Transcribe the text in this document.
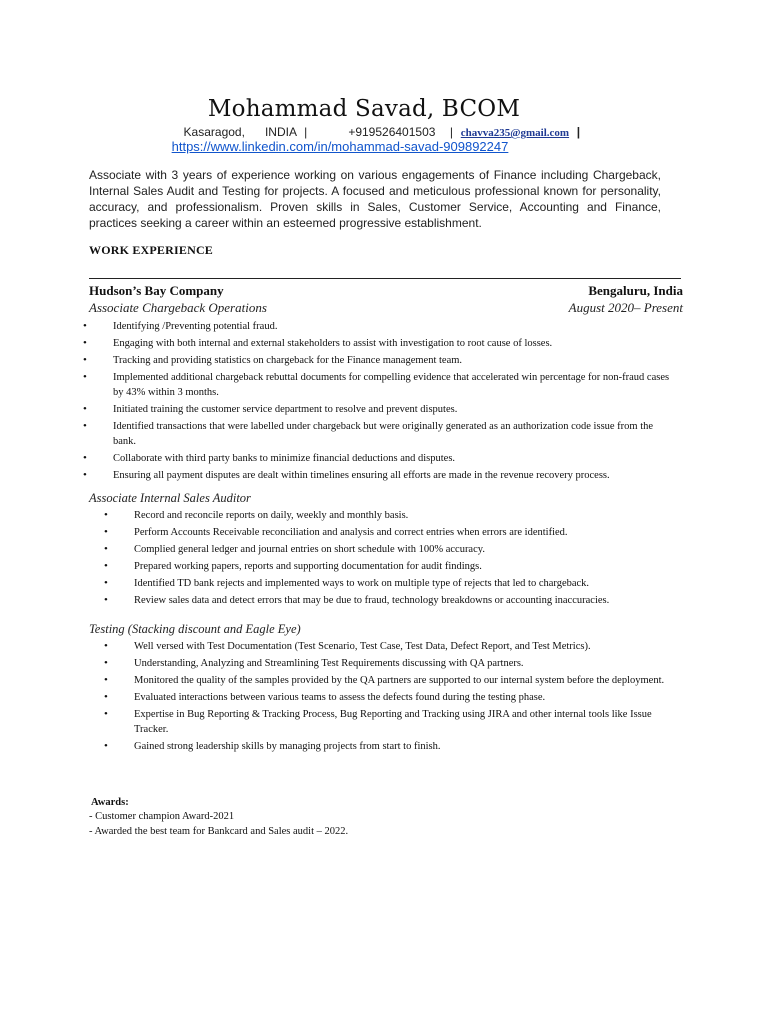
Mohammad Savad, BCOM
Kasaragod, INDIA |	+919526401503 | chavva235@gmail.com |
https://www.linkedin.com/in/mohammad-savad-909892247
Associate with 3 years of experience working on various engagements of Finance including Chargeback, Internal Sales Audit and Testing for projects. A focused and meticulous professional known for personality, accuracy, and professionalism. Proven skills in Sales, Customer Service, Accounting and Finance, practices seeking a career within an esteemed progressive establishment.
WORK EXPERIENCE
Hudson’s Bay Company	Bengaluru, India
Associate Chargeback Operations	August 2020– Present
• Identifying /Preventing potential fraud.
• Engaging with both internal and external stakeholders to assist with investigation to root cause of losses.
• Tracking and providing statistics on chargeback for the Finance management team.
• Implemented additional chargeback rebuttal documents for compelling evidence that accelerated win percentage for non-fraud cases by 43% within 3 months.
• Initiated training the customer service department to resolve and prevent disputes.
• Identified transactions that were labelled under chargeback but were originally generated as an authorization code issue from the bank.
• Collaborate with third party banks to minimize financial deductions and disputes.
• Ensuring all payment disputes are dealt within timelines ensuring all efforts are made in the revenue recovery process.
Associate Internal Sales Auditor
• Record and reconcile reports on daily, weekly and monthly basis.
• Perform Accounts Receivable reconciliation and analysis and correct entries when errors are identified.
• Complied general ledger and journal entries on short schedule with 100% accuracy.
• Prepared working papers, reports and supporting documentation for audit findings.
• Identified TD bank rejects and implemented ways to work on multiple type of rejects that led to chargeback.
• Review sales data and detect errors that may be due to fraud, technology breakdowns or accounting inaccuracies.
Testing (Stacking discount and Eagle Eye)
• Well versed with Test Documentation (Test Scenario, Test Case, Test Data, Defect Report, and Test Metrics).
• Understanding, Analyzing and Streamlining Test Requirements discussing with QA partners.
• Monitored the quality of the samples provided by the QA partners are supported to our internal system before the deployment.
• Evaluated interactions between various teams to assess the defects found during the testing phase.
• Expertise in Bug Reporting & Tracking Process, Bug Reporting and Tracking using JIRA and other internal tools like Issue Tracker.
• Gained strong leadership skills by managing projects from start to finish.
Awards:
- Customer champion Award-2021
- Awarded the best team for Bankcard and Sales audit – 2022.
